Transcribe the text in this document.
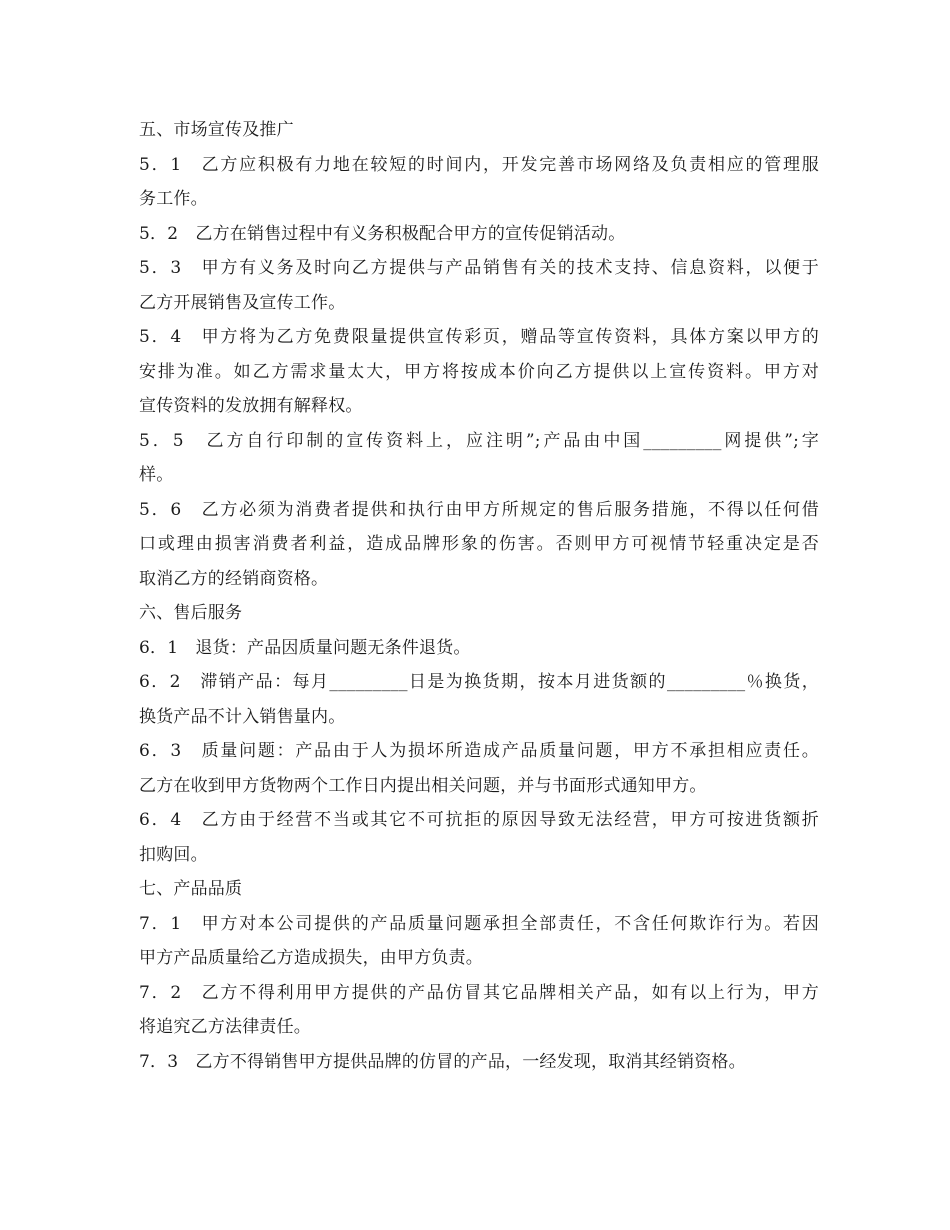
五、市场宣传及推广
5．1　乙方应积极有力地在较短的时间内，开发完善市场网络及负责相应的管理服
务工作。
5．2　乙方在销售过程中有义务积极配合甲方的宣传促销活动。
5．3　甲方有义务及时向乙方提供与产品销售有关的技术支持、信息资料，以便于
乙方开展销售及宣传工作。
5．4　甲方将为乙方免费限量提供宣传彩页，赠品等宣传资料，具体方案以甲方的
安排为准。如乙方需求量太大，甲方将按成本价向乙方提供以上宣传资料。甲方对
宣传资料的发放拥有解释权。
5．5　乙方自行印制的宣传资料上，应注明”;产品由中国_________网提供”;字
样。
5．6　乙方必须为消费者提供和执行由甲方所规定的售后服务措施，不得以任何借
口或理由损害消费者利益，造成品牌形象的伤害。否则甲方可视情节轻重决定是否
取消乙方的经销商资格。
六、售后服务
6．1　退货：产品因质量问题无条件退货。
6．2　滞销产品：每月_________日是为换货期，按本月进货额的_________％换货，
换货产品不计入销售量内。
6．3　质量问题：产品由于人为损坏所造成产品质量问题，甲方不承担相应责任。
乙方在收到甲方货物两个工作日内提出相关问题，并与书面形式通知甲方。
6．4　乙方由于经营不当或其它不可抗拒的原因导致无法经营，甲方可按进货额折
扣购回。
七、产品品质
7．1　甲方对本公司提供的产品质量问题承担全部责任，不含任何欺诈行为。若因
甲方产品质量给乙方造成损失，由甲方负责。
7．2　乙方不得利用甲方提供的产品仿冒其它品牌相关产品，如有以上行为，甲方
将追究乙方法律责任。
7．3　乙方不得销售甲方提供品牌的仿冒的产品，一经发现，取消其经销资格。
